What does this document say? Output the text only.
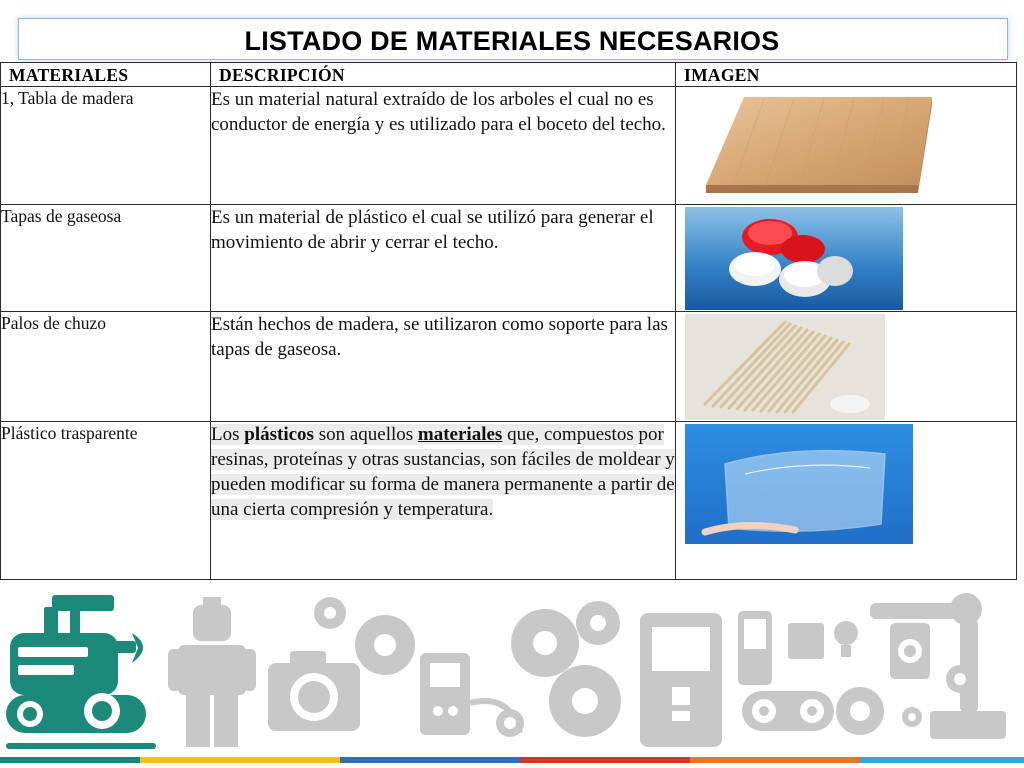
LISTADO DE MATERIALES NECESARIOS
MATERIALES	DESCRIPCIÓN	IMAGEN
1, Tabla de madera	Es un material natural extraído de los arboles el cual no es conductor de energía y es utilizado para el boceto del techo.	

Tapas de gaseosa	Es un material de plástico el cual se utilizó para generar el movimiento de abrir y cerrar el techo.	

Palos de chuzo	Están hechos de madera, se utilizaron como soporte para las tapas de gaseosa.	

Plástico trasparente	Los plásticos son aquellos materiales que, compuestos por resinas, proteínas y otras sustancias, son fáciles de moldear y pueden modificar su forma de manera permanente a partir de una cierta compresión y temperatura.	
